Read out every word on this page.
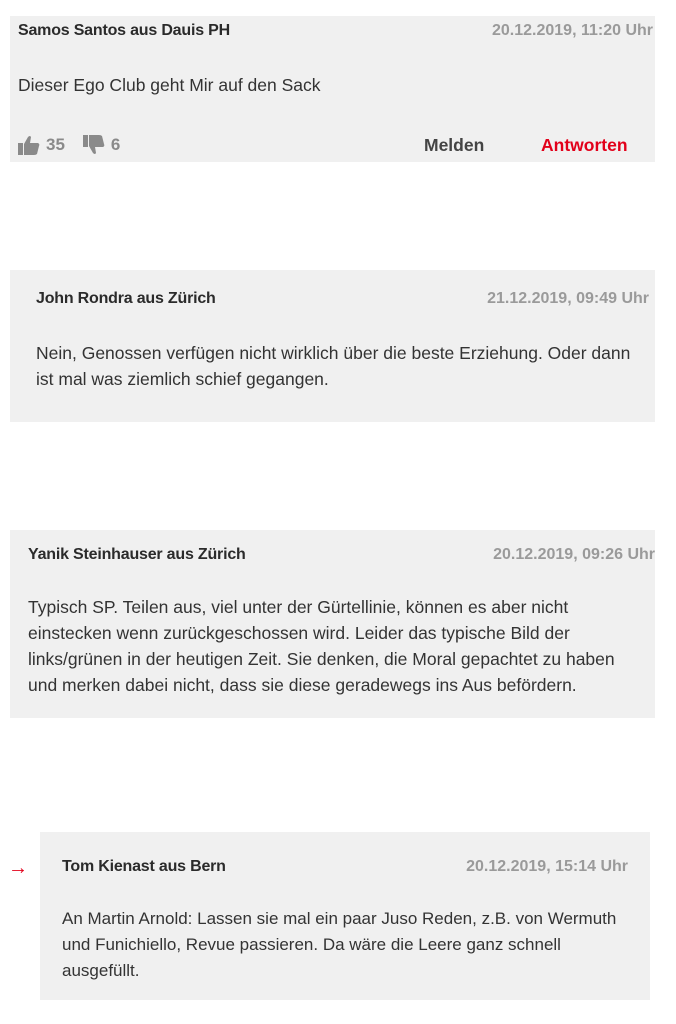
Samos Santos aus Dauis PH	20.12.2019, 11:20 Uhr
Dieser Ego Club geht Mir auf den Sack
35	6	Melden	Antworten
John Rondra aus Zürich	21.12.2019, 09:49 Uhr
Nein, Genossen verfügen nicht wirklich über die beste Erziehung. Oder dann ist mal was ziemlich schief gegangen.
Yanik Steinhauser aus Zürich	20.12.2019, 09:26 Uhr
Typisch SP. Teilen aus, viel unter der Gürtellinie, können es aber nicht einstecken wenn zurückgeschossen wird. Leider das typische Bild der links/grünen in der heutigen Zeit. Sie denken, die Moral gepachtet zu haben und merken dabei nicht, dass sie diese geradewegs ins Aus befördern.
→ Tom Kienast aus Bern	20.12.2019, 15:14 Uhr
An Martin Arnold: Lassen sie mal ein paar Juso Reden, z.B. von Wermuth und Funichiello, Revue passieren. Da wäre die Leere ganz schnell ausgefüllt.
